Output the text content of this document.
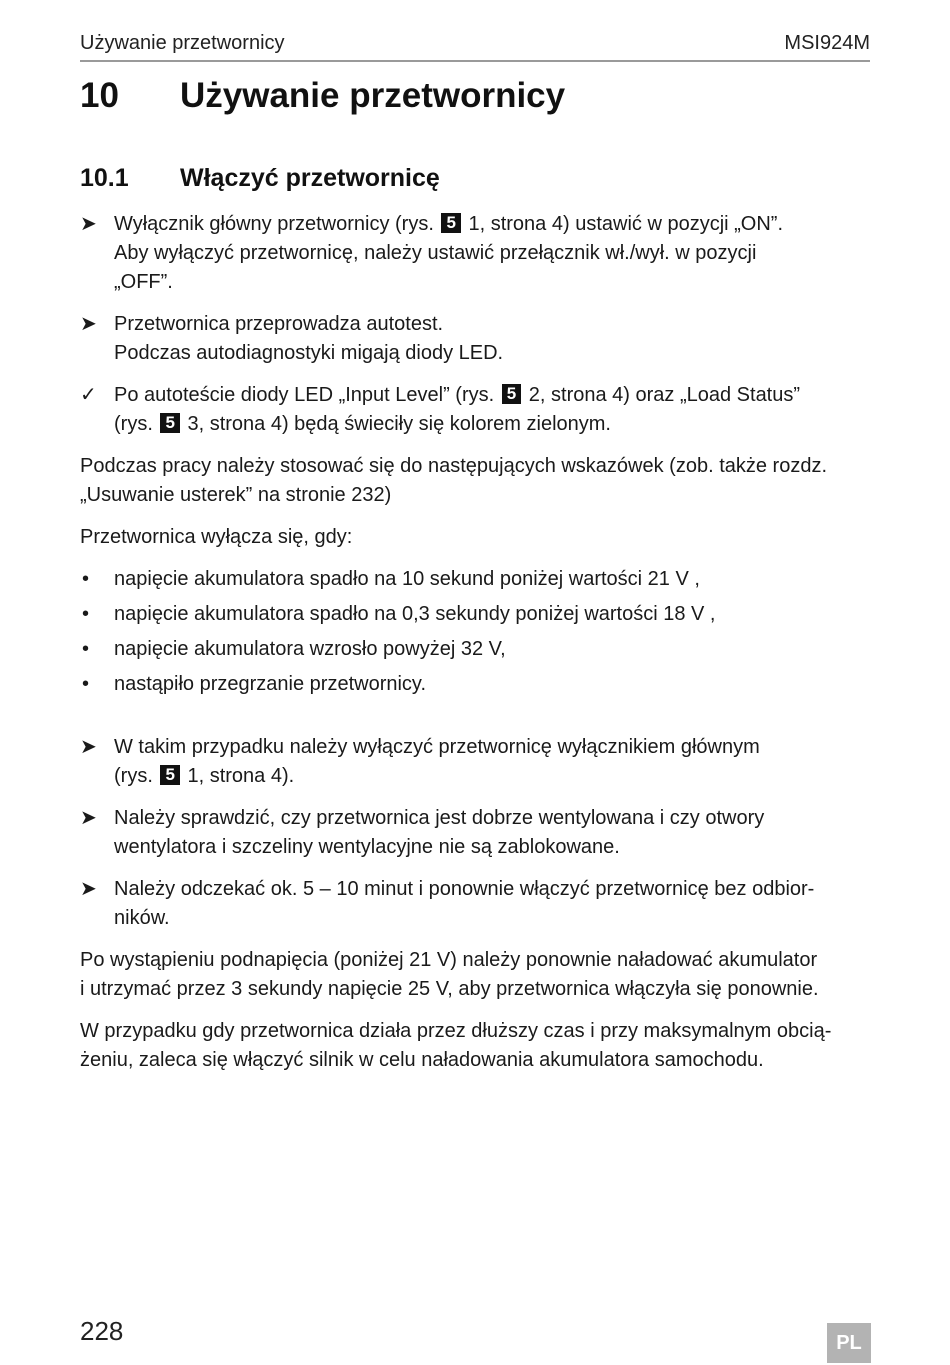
Używanie przetwornicy	MSI924M
10 Używanie przetwornicy
10.1 Włączyć przetwornicę
➤ Wyłącznik główny przetwornicy (rys. 5 1, strona 4) ustawić w pozycji „ON”.
Aby wyłączyć przetwornicę, należy ustawić przełącznik wł./wył. w pozycji
„OFF”.
➤ Przetwornica przeprowadza autotest.
Podczas autodiagnostyki migają diody LED.
✓ Po autoteście diody LED „Input Level” (rys. 5 2, strona 4) oraz „Load Status”
(rys. 5 3, strona 4) będą świeciły się kolorem zielonym.
Podczas pracy należy stosować się do następujących wskazówek (zob. także rozdz.
„Usuwanie usterek” na stronie 232)
Przetwornica wyłącza się, gdy:
• napięcie akumulatora spadło na 10 sekund poniżej wartości 21 V ,
• napięcie akumulatora spadło na 0,3 sekundy poniżej wartości 18 V ,
• napięcie akumulatora wzrosło powyżej 32 V,
• nastąpiło przegrzanie przetwornicy.
➤ W takim przypadku należy wyłączyć przetwornicę wyłącznikiem głównym
(rys. 5 1, strona 4).
➤ Należy sprawdzić, czy przetwornica jest dobrze wentylowana i czy otwory
wentylatora i szczeliny wentylacyjne nie są zablokowane.
➤ Należy odczekać ok. 5 – 10 minut i ponownie włączyć przetwornicę bez odbior-
ników.
Po wystąpieniu podnapięcia (poniżej 21 V) należy ponownie naładować akumulator
i utrzymać przez 3 sekundy napięcie 25 V, aby przetwornica włączyła się ponownie.
W przypadku gdy przetwornica działa przez dłuższy czas i przy maksymalnym obcią-
żeniu, zaleca się włączyć silnik w celu naładowania akumulatora samochodu.
228	PL
